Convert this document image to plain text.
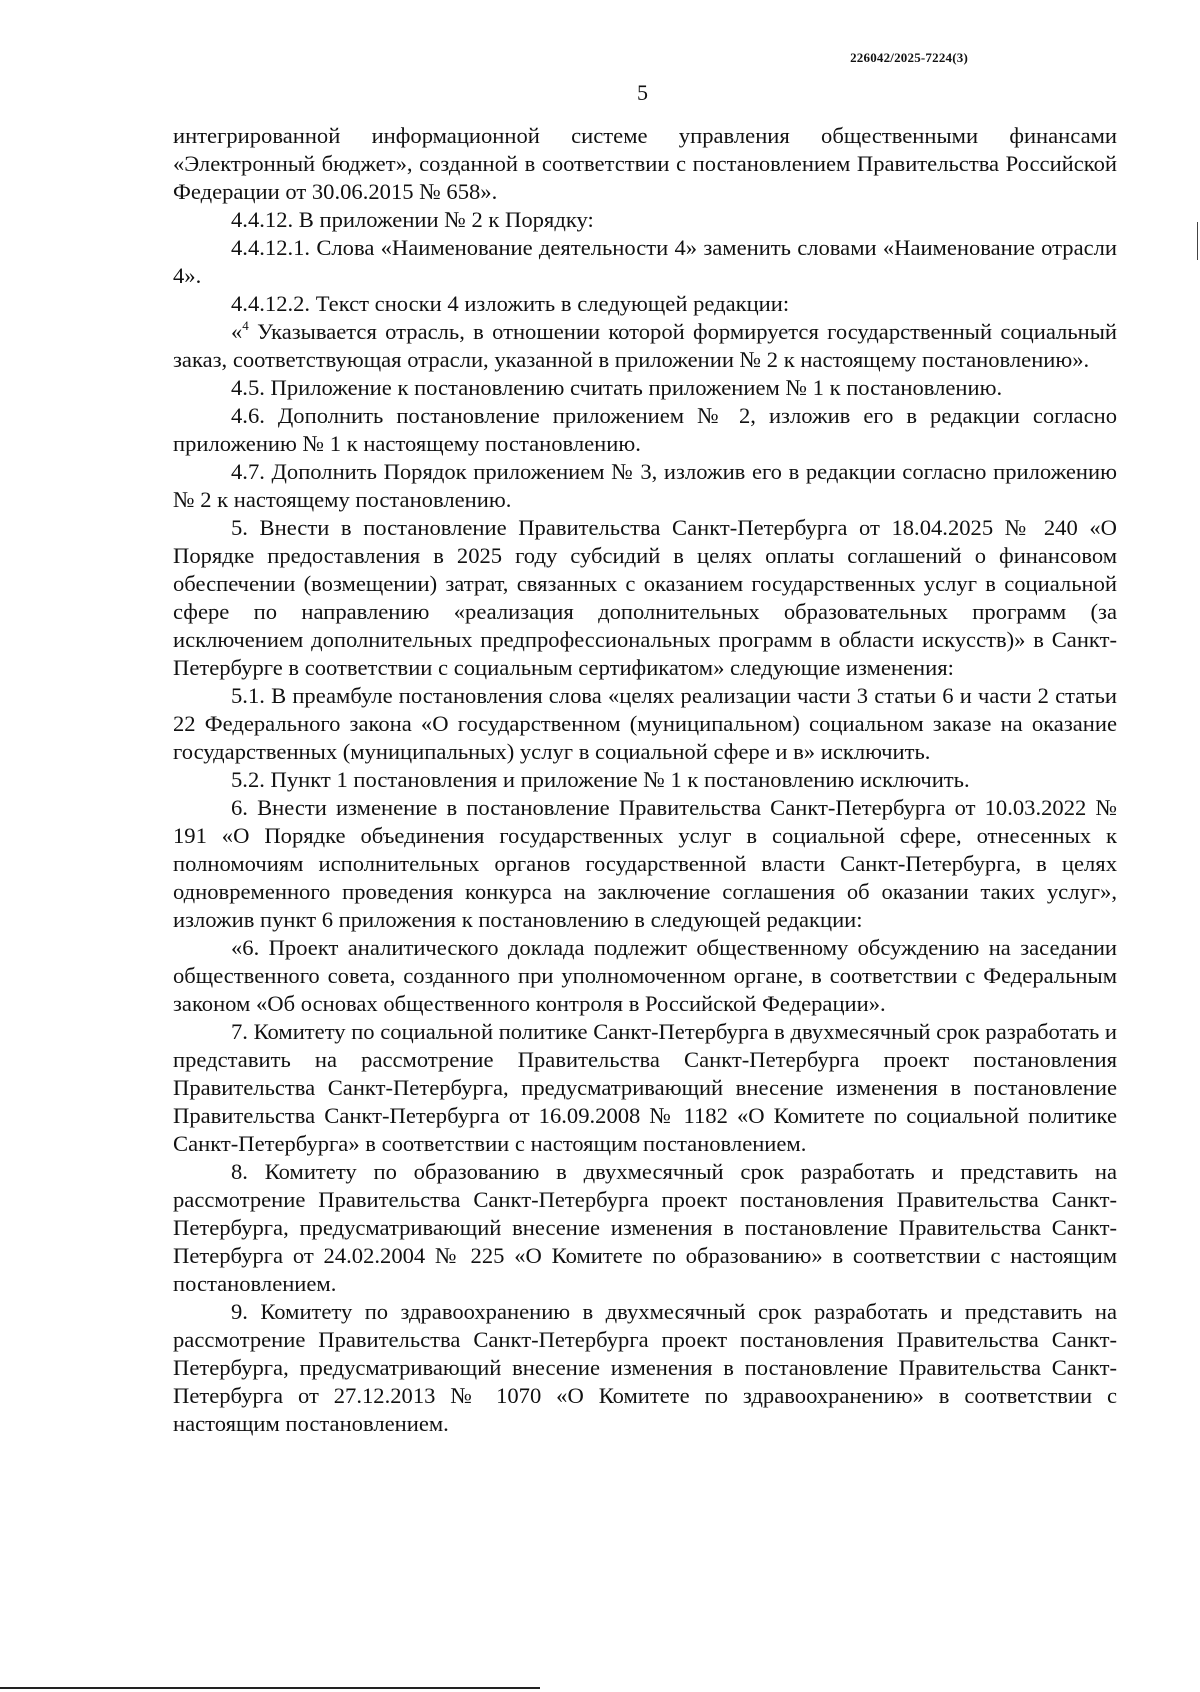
226042/2025-7224(3)
5

интегрированной информационной системе управления общественными финансами «Электронный бюджет», созданной в соответствии с постановлением Правительства Российской Федерации от 30.06.2015 № 658».

4.4.12. В приложении № 2 к Порядку:

4.4.12.1. Слова «Наименование деятельности 4» заменить словами «Наименование отрасли 4».

4.4.12.2. Текст сноски 4 изложить в следующей редакции:

«$^4$ Указывается отрасль, в отношении которой формируется государственный социальный заказ, соответствующая отрасли, указанной в приложении № 2 к настоящему постановлению».

4.5. Приложение к постановлению считать приложением № 1 к постановлению.

4.6. Дополнить постановление приложением № 2, изложив его в редакции согласно приложению № 1 к настоящему постановлению.

4.7. Дополнить Порядок приложением № 3, изложив его в редакции согласно приложению № 2 к настоящему постановлению.

5. Внести в постановление Правительства Санкт-Петербурга от 18.04.2025 № 240 «О Порядке предоставления в 2025 году субсидий в целях оплаты соглашений о финансовом обеспечении (возмещении) затрат, связанных с оказанием государственных услуг в социальной сфере по направлению «реализация дополнительных образовательных программ (за исключением дополнительных предпрофессиональных программ в области искусств)» в Санкт-Петербурге в соответствии с социальным сертификатом» следующие изменения:

5.1. В преамбуле постановления слова «целях реализации части 3 статьи 6 и части 2 статьи 22 Федерального закона «О государственном (муниципальном) социальном заказе на оказание государственных (муниципальных) услуг в социальной сфере и в» исключить.

5.2. Пункт 1 постановления и приложение № 1 к постановлению исключить.

6. Внести изменение в постановление Правительства Санкт-Петербурга от 10.03.2022 № 191 «О Порядке объединения государственных услуг в социальной сфере, отнесенных к полномочиям исполнительных органов государственной власти Санкт-Петербурга, в целях одновременного проведения конкурса на заключение соглашения об оказании таких услуг», изложив пункт 6 приложения к постановлению в следующей редакции:

«6. Проект аналитического доклада подлежит общественному обсуждению на заседании общественного совета, созданного при уполномоченном органе, в соответствии с Федеральным законом «Об основах общественного контроля в Российской Федерации».

7. Комитету по социальной политике Санкт-Петербурга в двухмесячный срок разработать и представить на рассмотрение Правительства Санкт-Петербурга проект постановления Правительства Санкт-Петербурга, предусматривающий внесение изменения в постановление Правительства Санкт-Петербурга от 16.09.2008 № 1182 «О Комитете по социальной политике Санкт-Петербурга» в соответствии с настоящим постановлением.

8. Комитету по образованию в двухмесячный срок разработать и представить на рассмотрение Правительства Санкт-Петербурга проект постановления Правительства Санкт-Петербурга, предусматривающий внесение изменения в постановление Правительства Санкт-Петербурга от 24.02.2004 № 225 «О Комитете по образованию» в соответствии с настоящим постановлением.

9. Комитету по здравоохранению в двухмесячный срок разработать и представить на рассмотрение Правительства Санкт-Петербурга проект постановления Правительства Санкт-Петербурга, предусматривающий внесение изменения в постановление Правительства Санкт-Петербурга от 27.12.2013 № 1070 «О Комитете по здравоохранению» в соответствии с настоящим постановлением.
